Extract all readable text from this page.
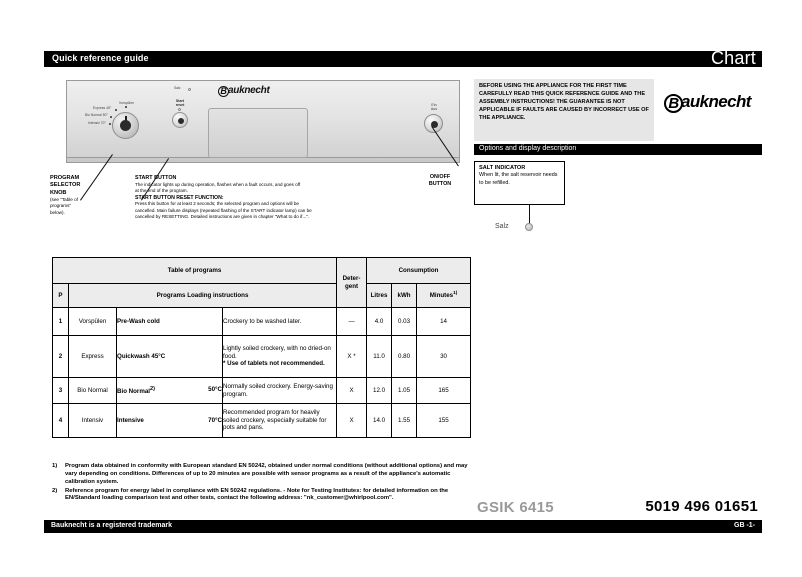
Quick reference guide	Chart
Bauknecht
Salz
Vorspülen
Express 45°
Bio Normal 50°
Intensiv 70°
Start
reset	Ein
Aus
PROGRAM
SELECTOR
KNOB
(see "Table of
programs"
below).
START BUTTON
The indicator lights up during operation, flashes when a fault occurs, and goes off
at the end of the program.
START BUTTON RESET FUNCTION:
Press this button for at least 2 seconds; the selected program and options will be
cancelled. Main failure displays (repeated flashing of the START indicator lamp) can be
cancelled by RESETTING. Detailed instructions are given in chapter "What to do if...".
ON/OFF
BUTTON
BEFORE USING THE APPLIANCE FOR THE FIRST TIME CAREFULLY READ THIS QUICK REFERENCE GUIDE AND THE ASSEMBLY INSTRUCTIONS! THE GUARANTEE IS NOT APPLICABLE IF FAULTS ARE CAUSED BY INCORRECT USE OF THE APPLIANCE.
B auknecht
Options and display description
SALT INDICATOR
When lit, the salt reservoir needs to be refilled.
Salz
Table of programs				Deter-
gent	Consumption		
P	Programs Loading instructions				Litres	kWh	Minutes$^{1)}$
1	Vorspülen	Pre-Wash cold	Crockery to be washed later.	—	4.0	0.03	14
2	Express	Quickwash 45°C	Lightly soiled crockery, with no dried-on food.
* Use of tablets not recommended.	X *	11.0	0.80	30
3	Bio Normal	Bio Normal$^{2)}$ 50°C	Normally soiled crockery. Energy-saving program.	X	12.0	1.05	165
4	Intensiv	Intensive 70°C	Recommended program for heavily soiled crockery, especially suitable for pots and pans.	X	14.0	1.55	155
1)	Program data obtained in conformity with European standard EN 50242, obtained under normal conditions (without additional options) and may vary depending on conditions. Differences of up to 20 minutes are possible with sensor programs as a result of the appliance's automatic calibration system.
2)	Reference program for energy label in compliance with EN 50242 regulations. - Note for Testing Institutes: for detailed information on the EN/Standard loading comparison test and other tests, contact the following address: "nk_customer@whirlpool.com".
GSIK 6415	5019 496 01651
Bauknecht is a registered trademark	GB -1-
